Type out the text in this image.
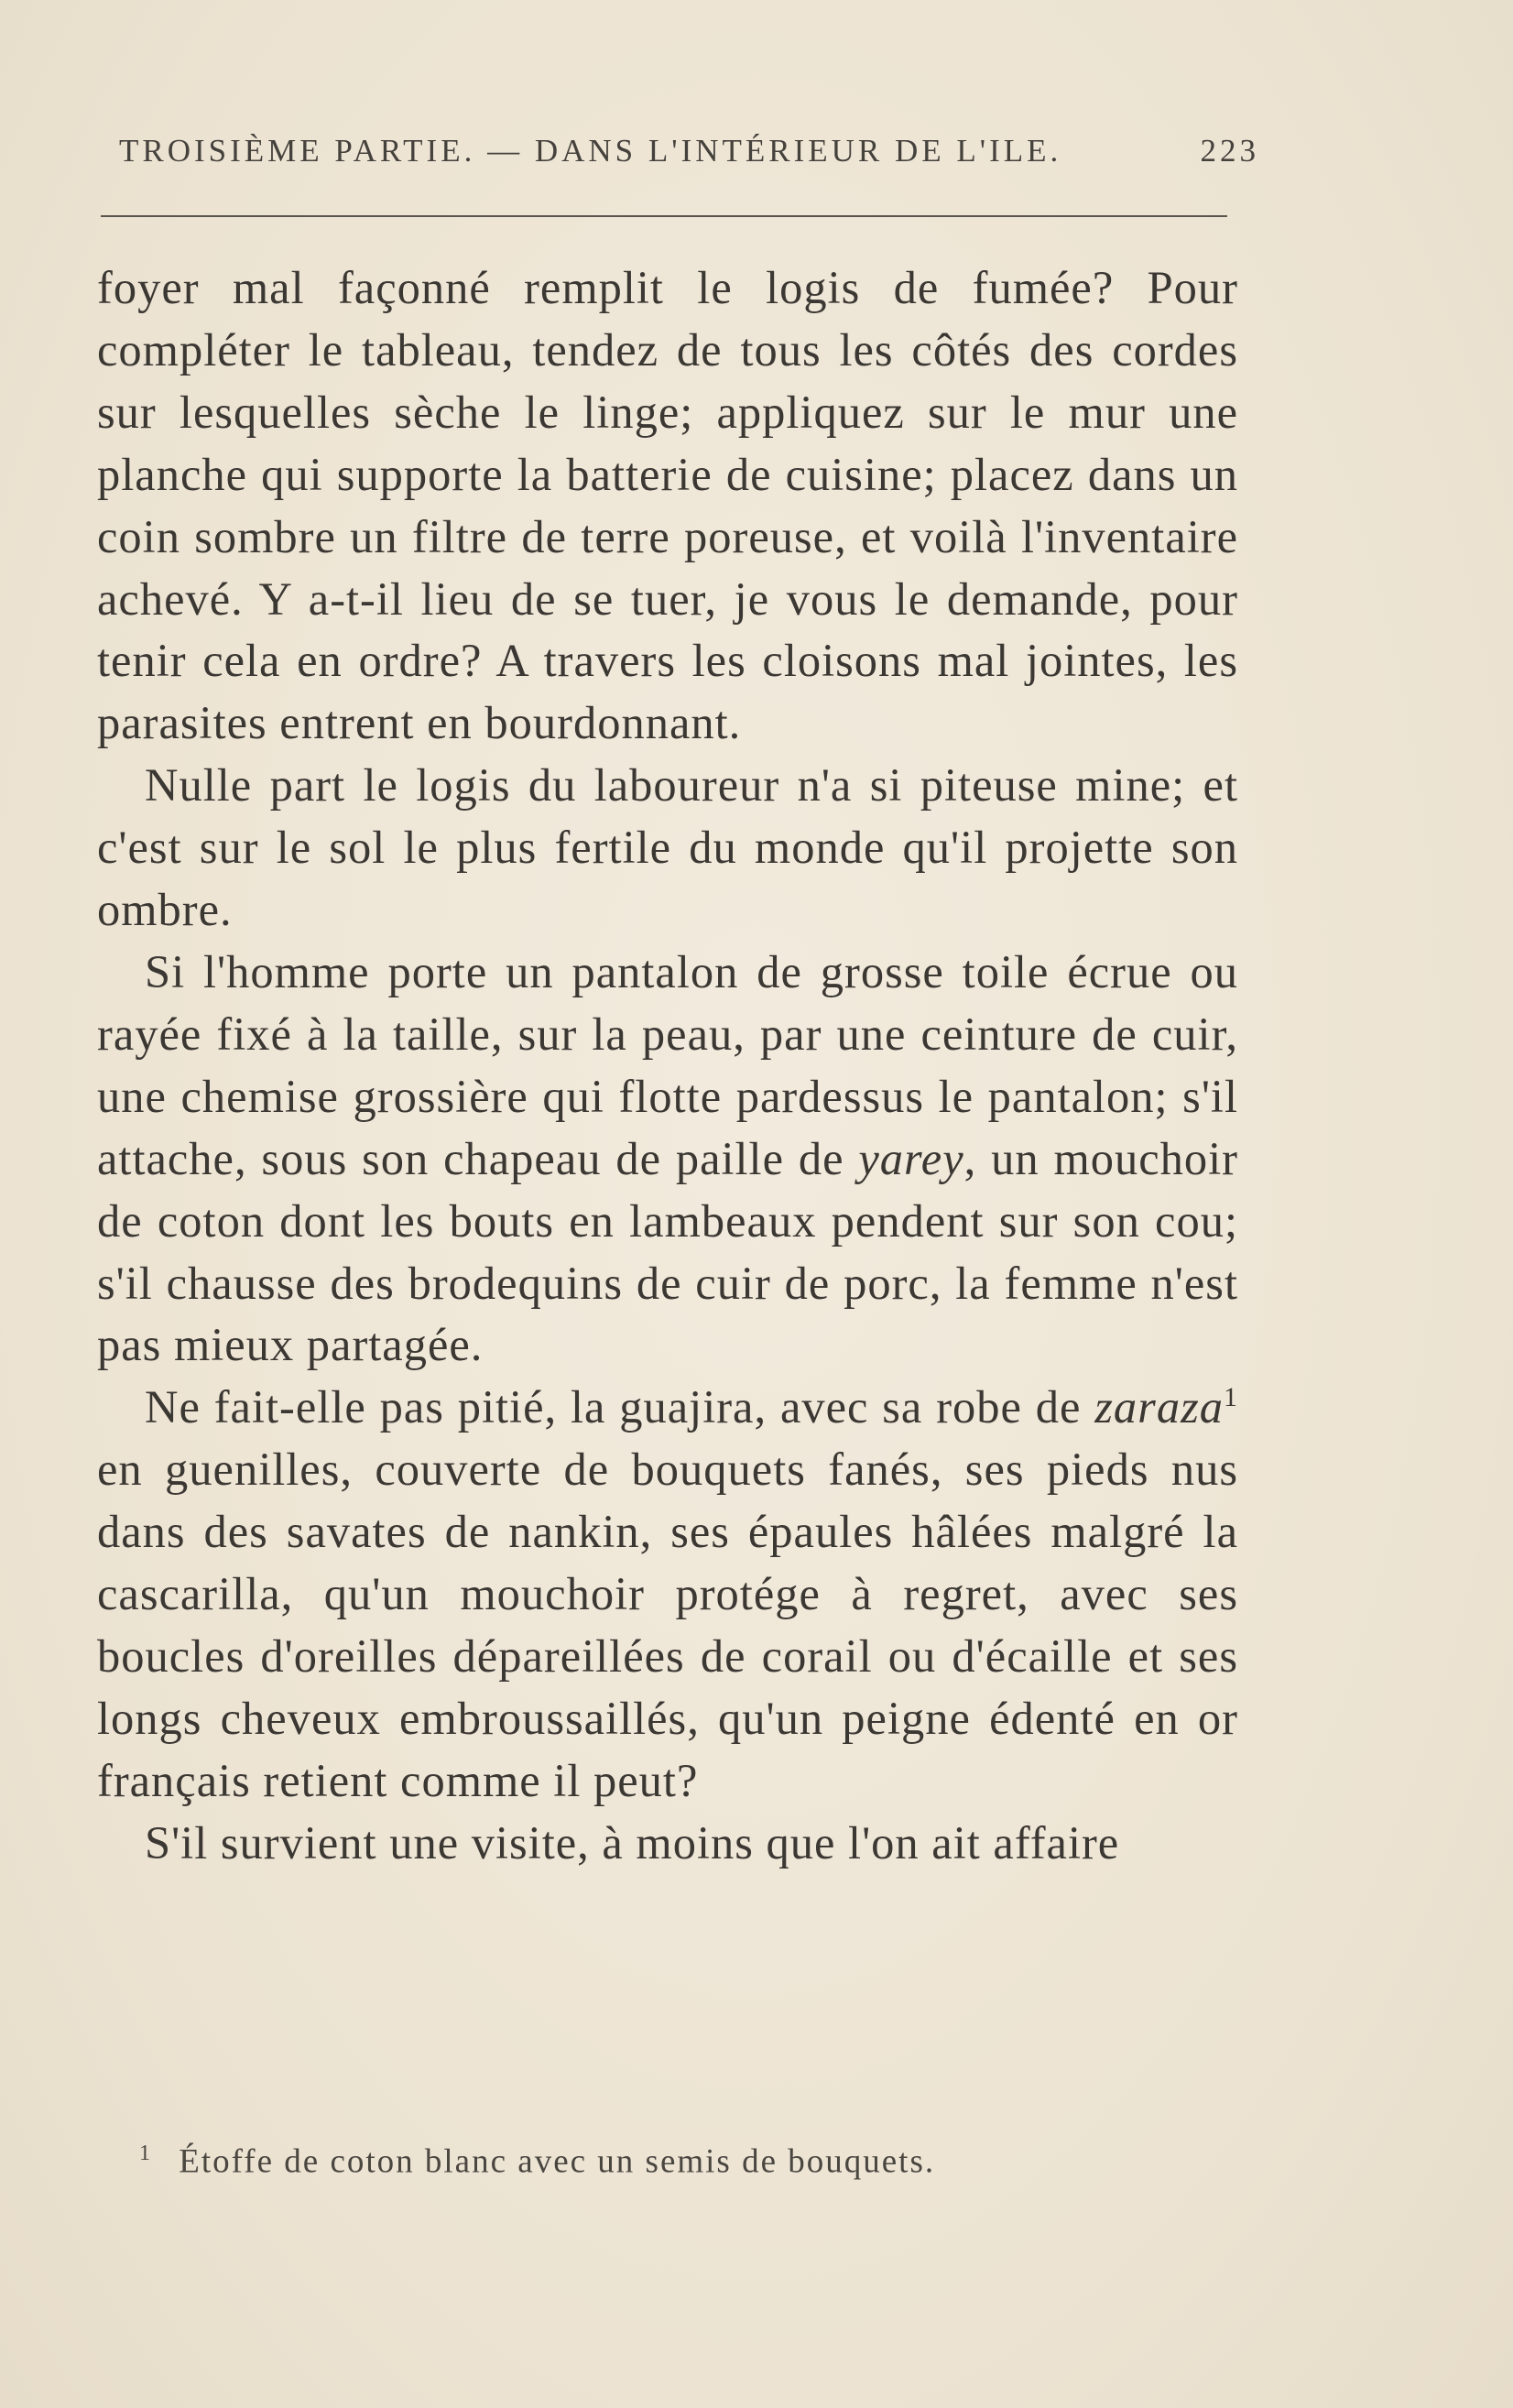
TROISIÈME PARTIE. — DANS L'INTÉRIEUR DE L'ILE.	223

foyer mal façonné remplit le logis de fumée? Pour compléter le tableau, tendez de tous les côtés des cordes sur lesquelles sèche le linge; appliquez sur le mur une planche qui supporte la batterie de cuisine; placez dans un coin sombre un filtre de terre poreuse, et voilà l'inventaire achevé. Y a-t-il lieu de se tuer, je vous le demande, pour tenir cela en ordre? A travers les cloisons mal jointes, les parasites entrent en bourdonnant.

Nulle part le logis du laboureur n'a si piteuse mine; et c'est sur le sol le plus fertile du monde qu'il projette son ombre.

Si l'homme porte un pantalon de grosse toile écrue ou rayée fixé à la taille, sur la peau, par une ceinture de cuir, une chemise grossière qui flotte pardessus le pantalon; s'il attache, sous son chapeau de paille de yarey, un mouchoir de coton dont les bouts en lambeaux pendent sur son cou; s'il chausse des brodequins de cuir de porc, la femme n'est pas mieux partagée.

Ne fait-elle pas pitié, la guajira, avec sa robe de zaraza$^1$ en guenilles, couverte de bouquets fanés, ses pieds nus dans des savates de nankin, ses épaules hâlées malgré la cascarilla, qu'un mouchoir protége à regret, avec ses boucles d'oreilles dépareillées de corail ou d'écaille et ses longs cheveux embroussaillés, qu'un peigne édenté en or français retient comme il peut?

S'il survient une visite, à moins que l'on ait affaire

$^1$ Étoffe de coton blanc avec un semis de bouquets.
